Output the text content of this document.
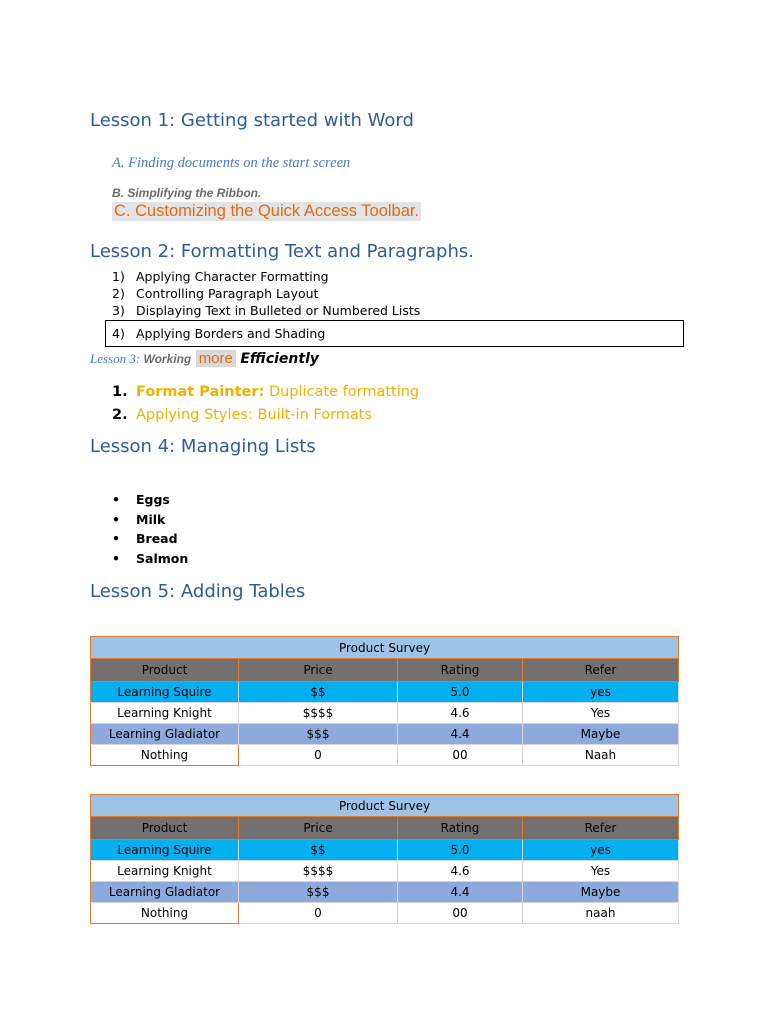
Lesson 1: Getting started with Word
A. Finding documents on the start screen
B. Simplifying the Ribbon.
C. Customizing the Quick Access Toolbar.
Lesson 2: Formatting Text and Paragraphs.
1) Applying Character Formatting
2) Controlling Paragraph Layout
3) Displaying Text in Bulleted or Numbered Lists
4) Applying Borders and Shading
Lesson 3: Working more Efficiently
1. Format Painter: Duplicate formatting
2. Applying Styles: Built-in Formats
Lesson 4: Managing Lists
• Eggs
• Milk
• Bread
• Salmon
Lesson 5: Adding Tables
Product Survey			
Product	Price	Rating	Refer
Learning Squire	$$	5.0	yes
Learning Knight	$$$$	4.6	Yes
Learning Gladiator	$$$	4.4	Maybe
Nothing	0	00	Naah
Product Survey			
Product	Price	Rating	Refer
Learning Squire	$$	5.0	yes
Learning Knight	$$$$	4.6	Yes
Learning Gladiator	$$$	4.4	Maybe
Nothing	0	00	naah
